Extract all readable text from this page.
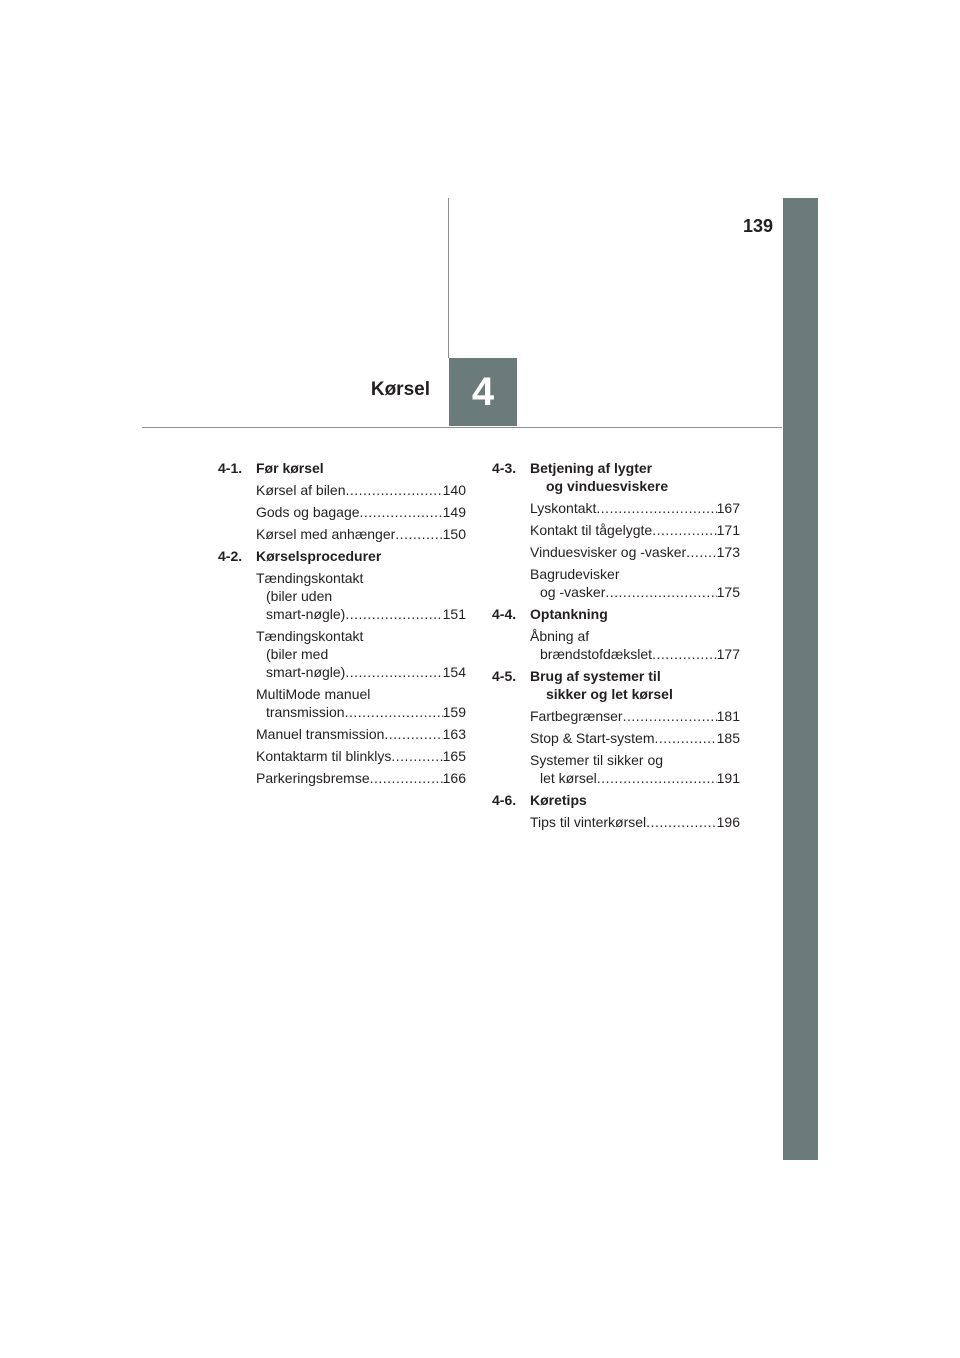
139
Kørsel 4
4-1. Før kørsel
Kørsel af bilen .....	140
Gods og bagage .....	149
Kørsel med anhænger .....	150
4-2. Kørselsprocedurer
Tændingskontakt
(biler uden
smart-nøgle) .....	151
Tændingskontakt
(biler med
smart-nøgle) .....	154
MultiMode manuel
transmission .....	159
Manuel transmission .....	163
Kontaktarm til blinklys .....	165
Parkeringsbremse .....	166
4-3. Betjening af lygter
og vinduesviskere
Lyskontakt .....	167
Kontakt til tågelygte .....	171
Vinduesvisker og -vasker ..... 173
Bagrudevisker
og -vasker .....	175
4-4. Optankning
Åbning af
brændstofdækslet .....	177
4-5. Brug af systemer til
sikker og let kørsel
Fartbegrænser .....	181
Stop & Start-system .....	185
Systemer til sikker og
let kørsel .....	191
4-6. Køretips
Tips til vinterkørsel .....	196
